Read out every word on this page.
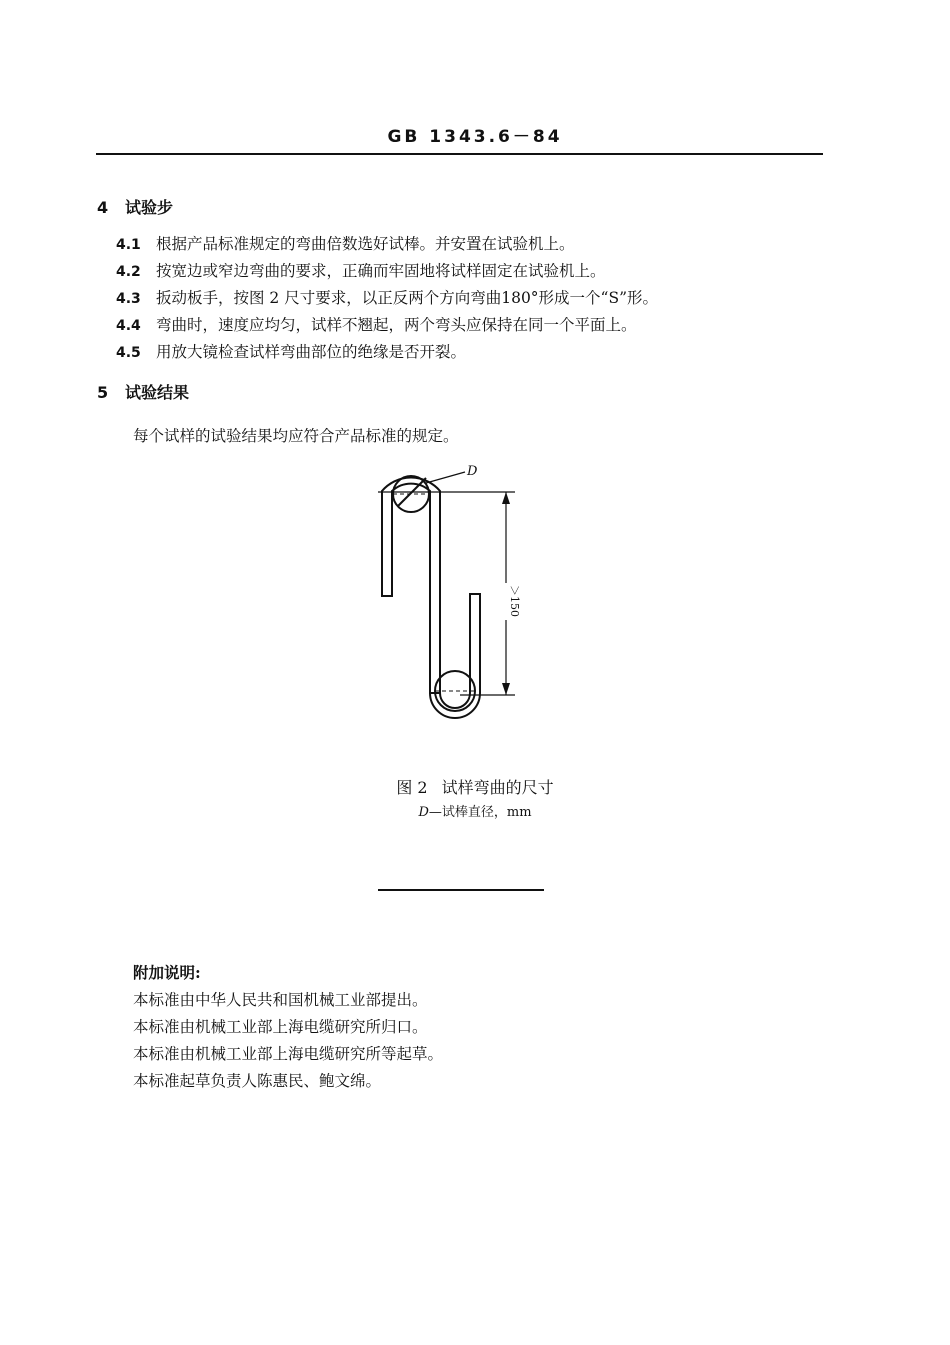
GB 1343.6－84
4 试验步
4.1 根据产品标准规定的弯曲倍数选好试棒。并安置在试验机上。
4.2 按宽边或窄边弯曲的要求，正确而牢固地将试样固定在试验机上。
4.3 扳动板手，按图 2 尺寸要求，以正反两个方向弯曲180°形成一个“S”形。
4.4 弯曲时，速度应均匀，试样不翘起，两个弯头应保持在同一个平面上。
4.5 用放大镜检查试样弯曲部位的绝缘是否开裂。
5 试验结果
每个试样的试验结果均应符合产品标准的规定。
D
＞150
图 2 试样弯曲的尺寸
D—试棒直径，mm
附加说明:
本标准由中华人民共和国机械工业部提出。
本标准由机械工业部上海电缆研究所归口。
本标准由机械工业部上海电缆研究所等起草。
本标准起草负责人陈惠民、鲍文绵。
